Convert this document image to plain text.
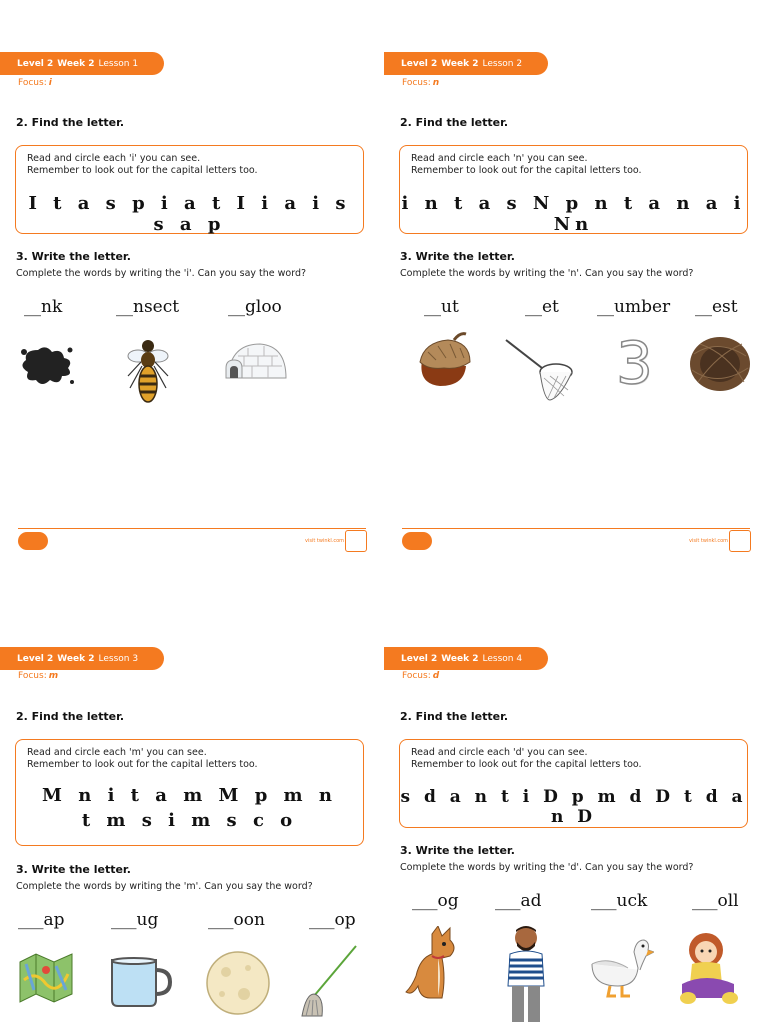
Level 2 Week 2 Lesson 1
Focus: i
2. Find the letter.
Read and circle each 'i' you can see.
Remember to look out for the capital letters too.
I t a s p i a t I i a i s s a p
3. Write the letter.
Complete the words by writing the 'i'. Can you say the word?
__nk	__nsect	__gloo
visit twinkl.com	visit twinkl.com
Level 2 Week 2 Lesson 2
Focus: n
2. Find the letter.
Read and circle each 'n' you can see.
Remember to look out for the capital letters too.
i n t a s N p n t a n a i Nn
3. Write the letter.
Complete the words by writing the 'n'. Can you say the word?
__ut	__et __umber __est
3
Level 2 Week 2 Lesson 3
Focus: m
2. Find the letter.
Read and circle each 'm' you can see.
Remember to look out for the capital letters too.
M n i t a m M p m n
t m s i m s c o
3. Write the letter.
Complete the words by writing the 'm'. Can you say the word?
___ap	___ug	___oon	___op
Level 2 Week 2 Lesson 4
Focus: d
2. Find the letter.
Read and circle each 'd' you can see.
Remember to look out for the capital letters too.
s d a n t i D p m d D t d a n D
3. Write the letter.
Complete the words by writing the 'd'. Can you say the word?
___og ___ad	___uck	___oll
